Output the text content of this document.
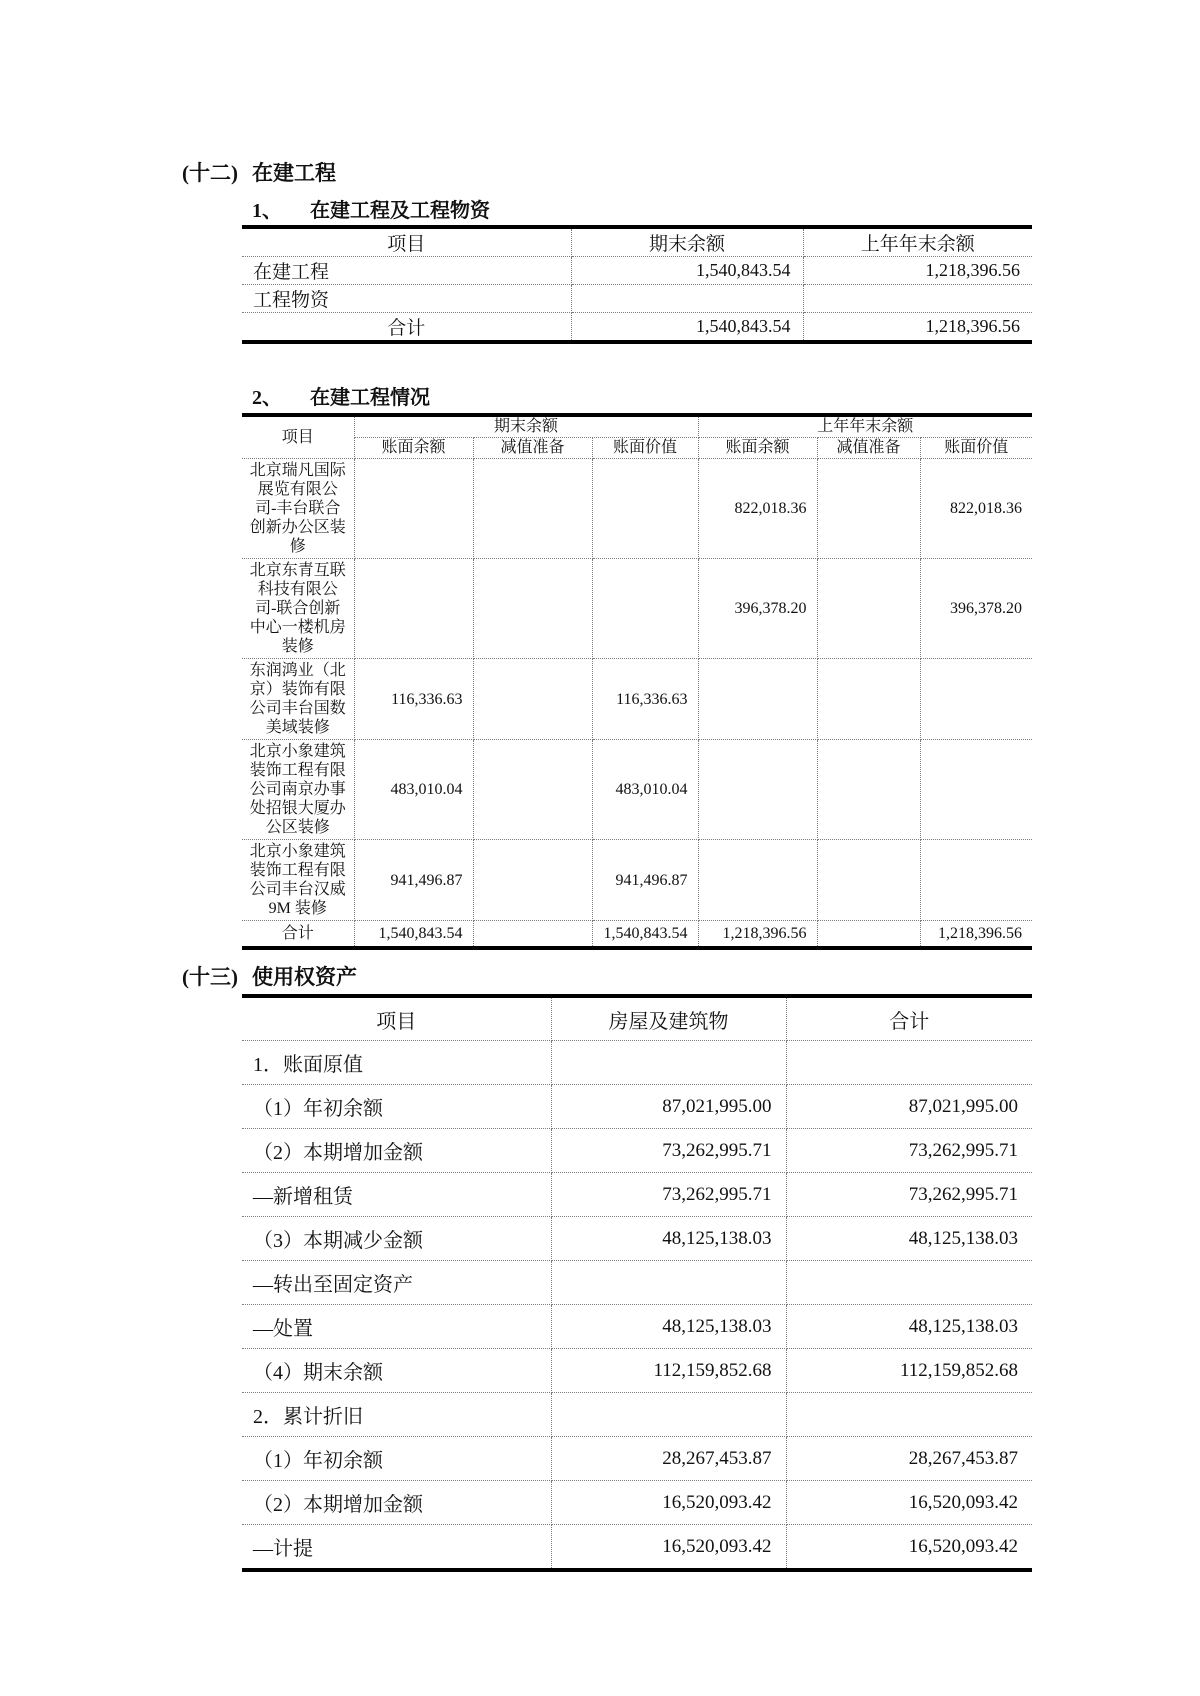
(十二) 在建工程
1、 在建工程及工程物资
项目	期末余额	上年年末余额
在建工程	1,540,843.54	1,218,396.56
工程物资		
合计	1,540,843.54	1,218,396.56
2、 在建工程情况
项目	期末余额			上年年末余额		
	账面余额	减值准备	账面价值	账面余额	减值准备	账面价值
北京瑞凡国际展览有限公司-丰台联合创新办公区装修				822,018.36		822,018.36
北京东青互联科技有限公司-联合创新中心一楼机房装修				396,378.20		396,378.20
东润鸿业（北京）装饰有限公司丰台国数美域装修	116,336.63		116,336.63			
北京小象建筑装饰工程有限公司南京办事处招银大厦办公区装修	483,010.04		483,010.04			
北京小象建筑装饰工程有限公司丰台汉威9M 装修	941,496.87		941,496.87			
合计	1,540,843.54		1,540,843.54	1,218,396.56		1,218,396.56
(十三) 使用权资产
项目	房屋及建筑物	合计
1．账面原值		
（1）年初余额	87,021,995.00	87,021,995.00
（2）本期增加金额	73,262,995.71	73,262,995.71
—新增租赁	73,262,995.71	73,262,995.71
（3）本期减少金额	48,125,138.03	48,125,138.03
—转出至固定资产		
—处置	48,125,138.03	48,125,138.03
（4）期末余额	112,159,852.68	112,159,852.68
2．累计折旧		
（1）年初余额	28,267,453.87	28,267,453.87
（2）本期增加金额	16,520,093.42	16,520,093.42
—计提	16,520,093.42	16,520,093.42
